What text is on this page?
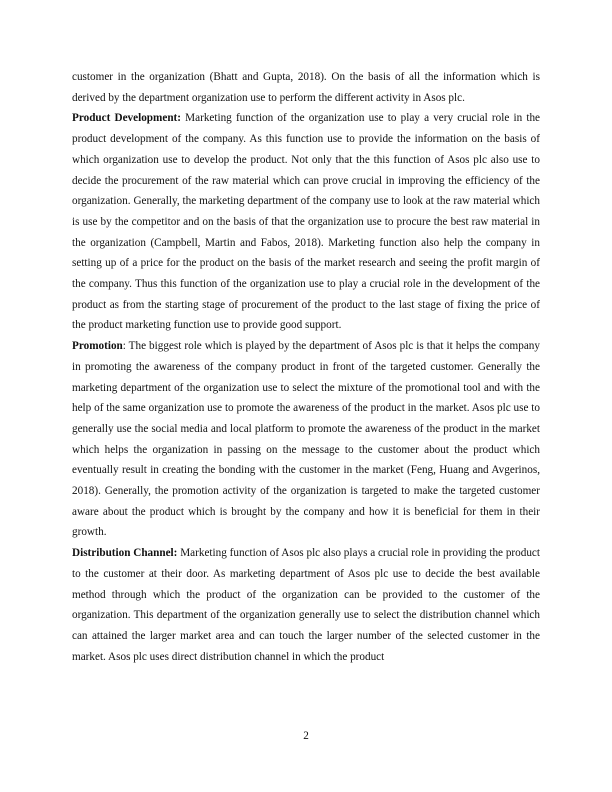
customer in the organization (Bhatt and Gupta, 2018). On the basis of all the information which is derived by the department organization use to perform the different activity in Asos plc.

Product Development: Marketing function of the organization use to play a very crucial role in the product development of the company. As this function use to provide the information on the basis of which organization use to develop the product. Not only that the this function of Asos plc also use to decide the procurement of the raw material which can prove crucial in improving the efficiency of the organization. Generally, the marketing department of the company use to look at the raw material which is use by the competitor and on the basis of that the organization use to procure the best raw material in the organization (Campbell, Martin and Fabos, 2018). Marketing function also help the company in setting up of a price for the product on the basis of the market research and seeing the profit margin of the company. Thus this function of the organization use to play a crucial role in the development of the product as from the starting stage of procurement of the product to the last stage of fixing the price of the product marketing function use to provide good support.

Promotion: The biggest role which is played by the department of Asos plc is that it helps the company in promoting the awareness of the company product in front of the targeted customer. Generally the marketing department of the organization use to select the mixture of the promotional tool and with the help of the same organization use to promote the awareness of the product in the market. Asos plc use to generally use the social media and local platform to promote the awareness of the product in the market which helps the organization in passing on the message to the customer about the product which eventually result in creating the bonding with the customer in the market (Feng, Huang and Avgerinos, 2018). Generally, the promotion activity of the organization is targeted to make the targeted customer aware about the product which is brought by the company and how it is beneficial for them in their growth.

Distribution Channel: Marketing function of Asos plc also plays a crucial role in providing the product to the customer at their door. As marketing department of Asos plc use to decide the best available method through which the product of the organization can be provided to the customer of the organization. This department of the organization generally use to select the distribution channel which can attained the larger market area and can touch the larger number of the selected customer in the market. Asos plc uses direct distribution channel in which the product

2
